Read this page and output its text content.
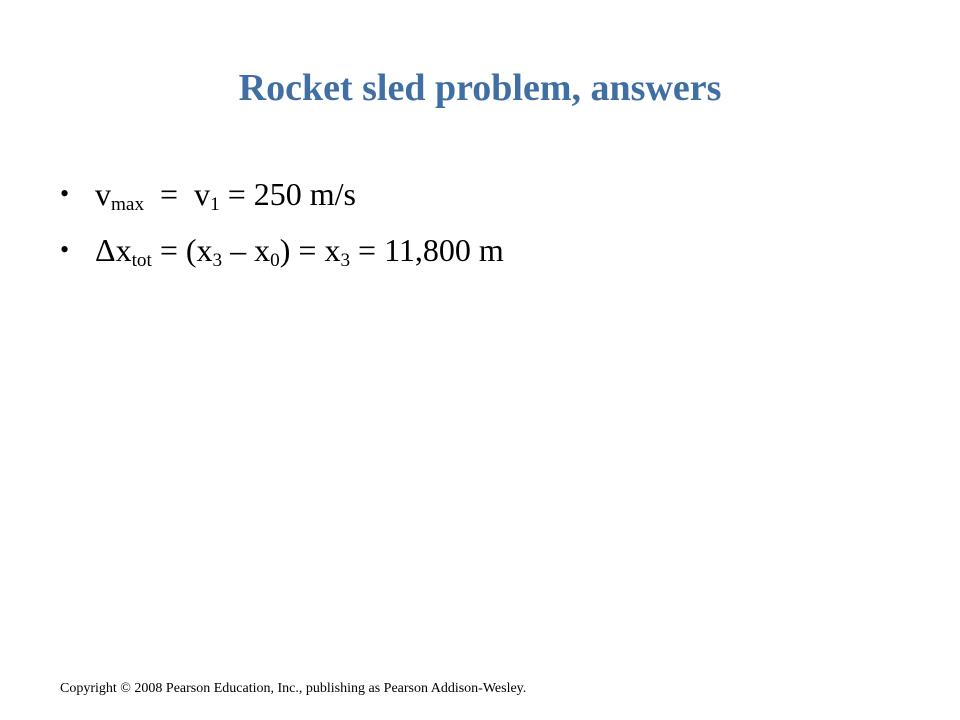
Rocket sled problem, answers
• $v_{max} = v_1 = 250$ m/s
• $\Delta x_{tot} = (x_3 - x_0) = x_3 = 11,800$ m
Copyright © 2008 Pearson Education, Inc., publishing as Pearson Addison-Wesley.
